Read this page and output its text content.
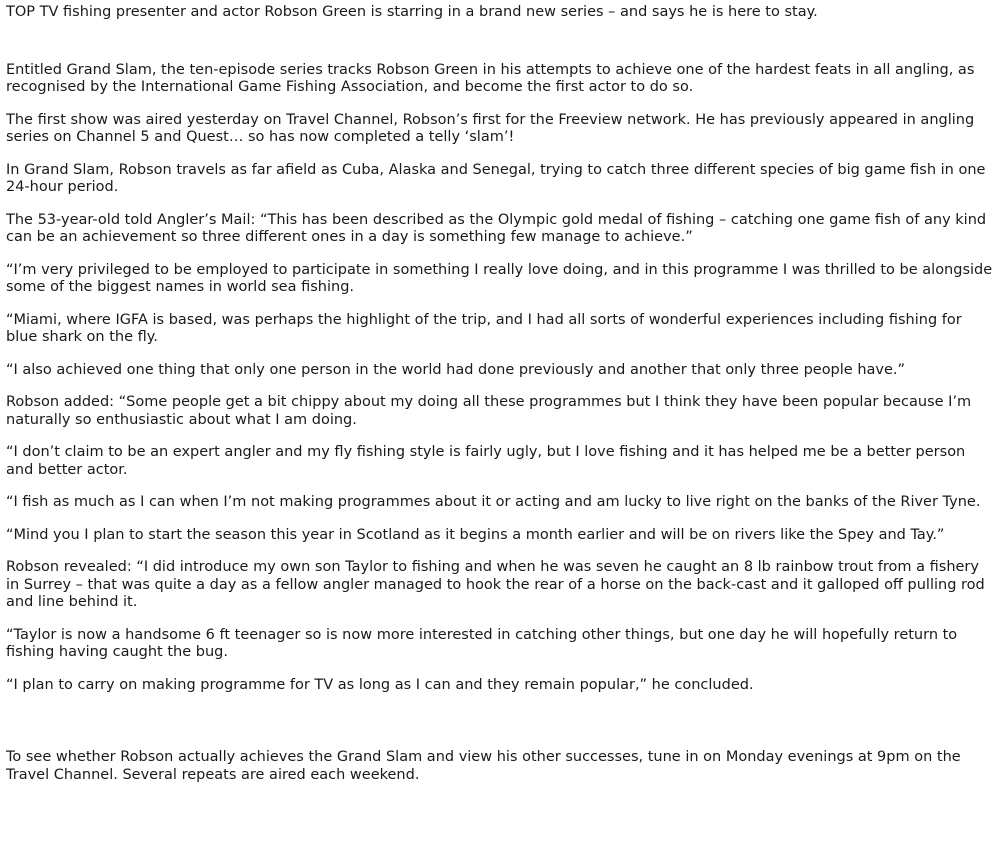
TOP TV fishing presenter and actor Robson Green is starring in a brand new series – and says he is here to stay.

Entitled Grand Slam, the ten-episode series tracks Robson Green in his attempts to achieve one of the hardest feats in all angling, as recognised by the International Game Fishing Association, and become the first actor to do so.

The first show was aired yesterday on Travel Channel, Robson’s first for the Freeview network. He has previously appeared in angling series on Channel 5 and Quest… so has now completed a telly ‘slam’!

In Grand Slam, Robson travels as far afield as Cuba, Alaska and Senegal, trying to catch three different species of big game fish in one 24-hour period.

The 53-year-old told Angler’s Mail: “This has been described as the Olympic gold medal of fishing – catching one game fish of any kind can be an achievement so three different ones in a day is something few manage to achieve.”

“I’m very privileged to be employed to participate in something I really love doing, and in this programme I was thrilled to be alongside some of the biggest names in world sea fishing.

“Miami, where IGFA is based, was perhaps the highlight of the trip, and I had all sorts of wonderful experiences including fishing for blue shark on the fly.

“I also achieved one thing that only one person in the world had done previously and another that only three people have.”

Robson added: “Some people get a bit chippy about my doing all these programmes but I think they have been popular because I’m naturally so enthusiastic about what I am doing.

“I don’t claim to be an expert angler and my fly fishing style is fairly ugly, but I love fishing and it has helped me be a better person and better actor.

“I fish as much as I can when I’m not making programmes about it or acting and am lucky to live right on the banks of the River Tyne.

“Mind you I plan to start the season this year in Scotland as it begins a month earlier and will be on rivers like the Spey and Tay.”

Robson revealed: “I did introduce my own son Taylor to fishing and when he was seven he caught an 8 lb rainbow trout from a fishery in Surrey – that was quite a day as a fellow angler managed to hook the rear of a horse on the back-cast and it galloped off pulling rod and line behind it.

“Taylor is now a handsome 6 ft teenager so is now more interested in catching other things, but one day he will hopefully return to fishing having caught the bug.

“I plan to carry on making programme for TV as long as I can and they remain popular,” he concluded.

To see whether Robson actually achieves the Grand Slam and view his other successes, tune in on Monday evenings at 9pm on the Travel Channel. Several repeats are aired each weekend.
